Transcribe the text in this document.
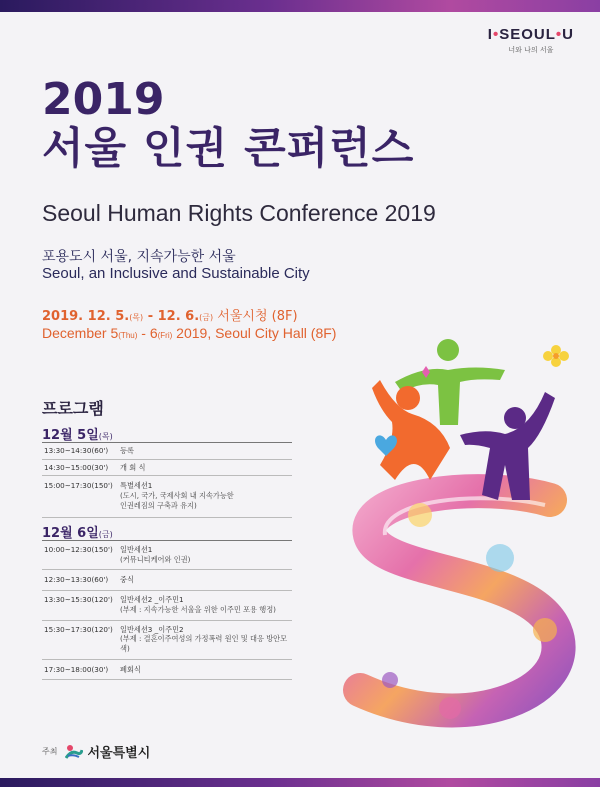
I•SEOUL•U
너와 나의 서울
2019
서울 인권 콘퍼런스
Seoul Human Rights Conference 2019
포용도시 서울, 지속가능한 서울
Seoul, an Inclusive and Sustainable City
2019. 12. 5.(목) - 12. 6.(금) 서울시청 (8F)
December 5(Thu) - 6(Fri) 2019, Seoul City Hall (8F)
프로그램
12월 5일(목)
13:30~14:30(60')	등록
14:30~15:00(30')	개 회 식
15:00~17:30(150')	특별세션1
(도시, 국가, 국제사회 내 지속가능한
인권레짐의 구축과 유지)
12월 6일(금)
10:00~12:30(150')	일반세션1
(커뮤니티케어와 인권)
12:30~13:30(60')	중식
13:30~15:30(120')	일반세션2 _이주민1
(부제 : 지속가능한 서울을 위한 이주민 포용 행정)
15:30~17:30(120')	일반세션3 _이주민2
(부제 : 결혼이주여성의 가정폭력 원인 및 대응 방안모색)
17:30~18:00(30')	폐회식
주최 서울특별시
